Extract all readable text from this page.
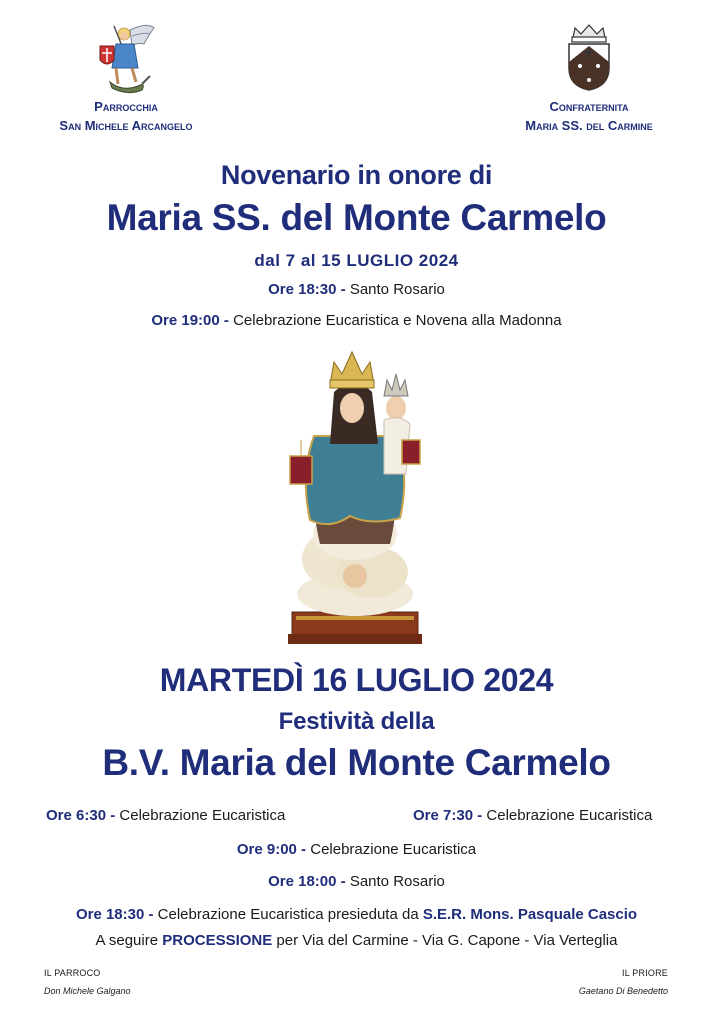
Parrocchia
San Michele Arcangelo
Confraternita
Maria SS. del Carmine
Novenario in onore di
Maria SS. del Monte Carmelo
dal 7 al 15 LUGLIO 2024
Ore 18:30 - Santo Rosario
Ore 19:00 - Celebrazione Eucaristica e Novena alla Madonna
MARTEDÌ 16 LUGLIO 2024
Festività della
B.V. Maria del Monte Carmelo
Ore 6:30 - Celebrazione Eucaristica	Ore 7:30 - Celebrazione Eucaristica
Ore 9:00 - Celebrazione Eucaristica
Ore 18:00 - Santo Rosario
Ore 18:30 - Celebrazione Eucaristica presieduta da S.E.R. Mons. Pasquale Cascio
A seguire PROCESSIONE per Via del Carmine - Via G. Capone - Via Verteglia
IL PARROCO
Don Michele Galgano
IL PRIORE
Gaetano Di Benedetto
